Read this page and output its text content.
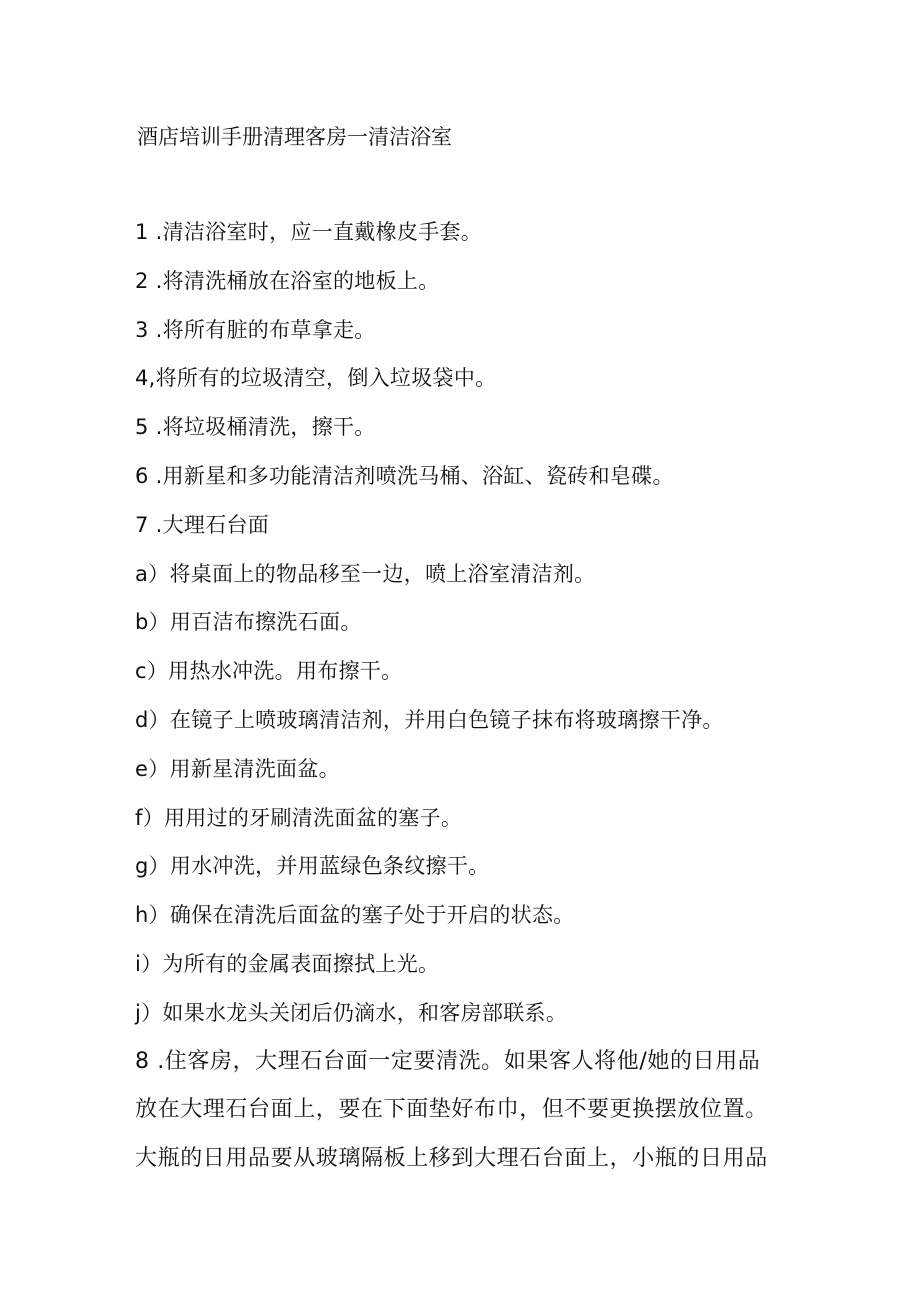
酒店培训手册清理客房一清洁浴室
1 .清洁浴室时，应一直戴橡皮手套。
2 .将清洗桶放在浴室的地板上。
3 .将所有脏的布草拿走。
4,将所有的垃圾清空，倒入垃圾袋中。
5 .将垃圾桶清洗，擦干。
6 .用新星和多功能清洁剂喷洗马桶、浴缸、瓷砖和皂碟。
7 .大理石台面
a）将桌面上的物品移至一边，喷上浴室清洁剂。
b）用百洁布擦洗石面。
c）用热水冲洗。用布擦干。
d）在镜子上喷玻璃清洁剂，并用白色镜子抹布将玻璃擦干净。
e）用新星清洗面盆。
f）用用过的牙刷清洗面盆的塞子。
g）用水冲洗，并用蓝绿色条纹擦干。
h）确保在清洗后面盆的塞子处于开启的状态。
i）为所有的金属表面擦拭上光。
j）如果水龙头关闭后仍滴水，和客房部联系。
8 .住客房，大理石台面一定要清洗。如果客人将他/她的日用品
放在大理石台面上，要在下面垫好布巾，但不要更换摆放位置。
大瓶的日用品要从玻璃隔板上移到大理石台面上，小瓶的日用品
